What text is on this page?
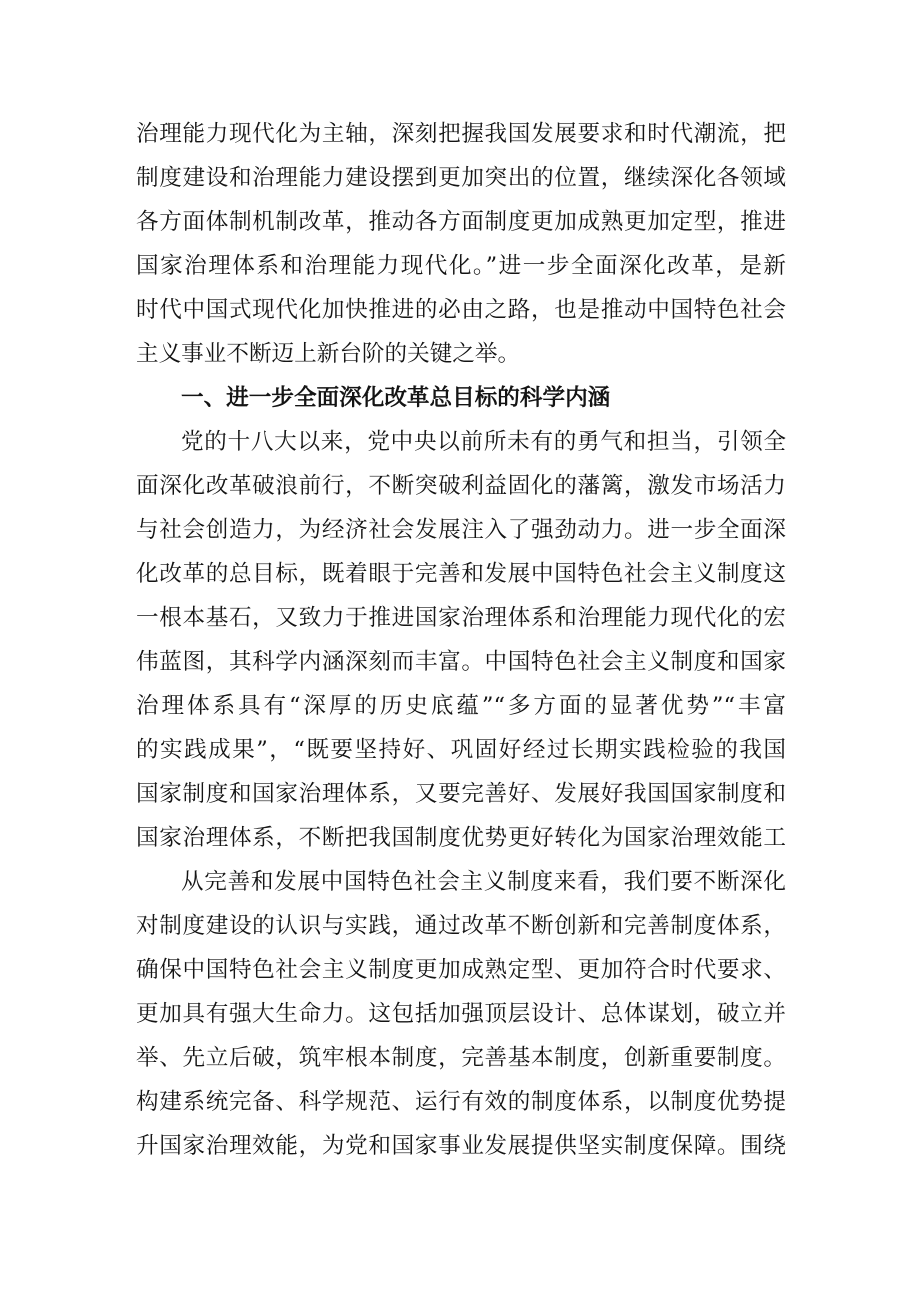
治理能力现代化为主轴，深刻把握我国发展要求和时代潮流，把
制度建设和治理能力建设摆到更加突出的位置，继续深化各领域
各方面体制机制改革，推动各方面制度更加成熟更加定型，推进
国家治理体系和治理能力现代化。”进一步全面深化改革，是新
时代中国式现代化加快推进的必由之路，也是推动中国特色社会
主义事业不断迈上新台阶的关键之举。
一、进一步全面深化改革总目标的科学内涵
党的十八大以来，党中央以前所未有的勇气和担当，引领全
面深化改革破浪前行，不断突破利益固化的藩篱，激发市场活力
与社会创造力，为经济社会发展注入了强劲动力。进一步全面深
化改革的总目标，既着眼于完善和发展中国特色社会主义制度这
一根本基石，又致力于推进国家治理体系和治理能力现代化的宏
伟蓝图，其科学内涵深刻而丰富。中国特色社会主义制度和国家
治理体系具有“深厚的历史底蕴”“多方面的显著优势”“丰富
的实践成果”，“既要坚持好、巩固好经过长期实践检验的我国
国家制度和国家治理体系，又要完善好、发展好我国国家制度和
国家治理体系，不断把我国制度优势更好转化为国家治理效能工
从完善和发展中国特色社会主义制度来看，我们要不断深化
对制度建设的认识与实践，通过改革不断创新和完善制度体系，
确保中国特色社会主义制度更加成熟定型、更加符合时代要求、
更加具有强大生命力。这包括加强顶层设计、总体谋划，破立并
举、先立后破，筑牢根本制度，完善基本制度，创新重要制度。
构建系统完备、科学规范、运行有效的制度体系，以制度优势提
升国家治理效能，为党和国家事业发展提供坚实制度保障。围绕
